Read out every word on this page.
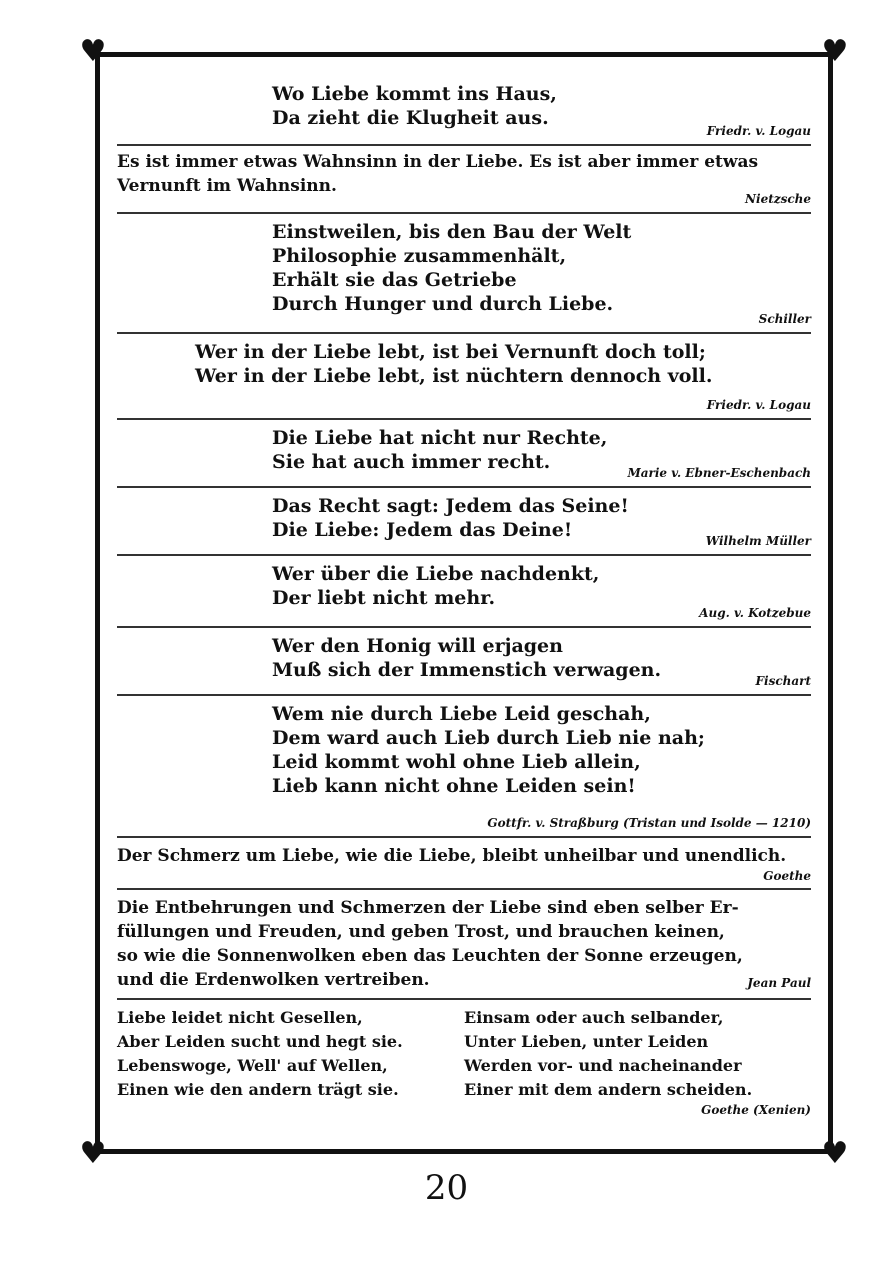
♥	♥
♥	♥
Wo Liebe kommt ins Haus,
Da zieht die Klugheit aus.
Friedr. v. Logau
Es ist immer etwas Wahnsinn in der Liebe. Es ist aber immer etwas
Vernunft im Wahnsinn.
Nietzsche
Einstweilen, bis den Bau der Welt
Philosophie zusammenhält,
Erhält sie das Getriebe
Durch Hunger und durch Liebe.
Schiller
Wer in der Liebe lebt, ist bei Vernunft doch toll;
Wer in der Liebe lebt, ist nüchtern dennoch voll.
Friedr. v. Logau
Die Liebe hat nicht nur Rechte,
Sie hat auch immer recht.	Marie v. Ebner-Eschenbach
Das Recht sagt: Jedem das Seine!
Die Liebe: Jedem das Deine!	Wilhelm Müller
Wer über die Liebe nachdenkt,
Der liebt nicht mehr.
Aug. v. Kotzebue
Wer den Honig will erjagen
Muß sich der Immenstich verwagen.	Fischart
Wem nie durch Liebe Leid geschah,
Dem ward auch Lieb durch Lieb nie nah;
Leid kommt wohl ohne Lieb allein,
Lieb kann nicht ohne Leiden sein!
Gottfr. v. Straßburg (Tristan und Isolde — 1210)
Der Schmerz um Liebe, wie die Liebe, bleibt unheilbar und unendlich.
Goethe
Die Entbehrungen und Schmerzen der Liebe sind eben selber Er-
füllungen und Freuden, und geben Trost, und brauchen keinen,
so wie die Sonnenwolken eben das Leuchten der Sonne erzeugen,
und die Erdenwolken vertreiben.	Jean Paul
Liebe leidet nicht Gesellen,
Aber Leiden sucht und hegt sie.
Lebenswoge, Well' auf Wellen,
Einen wie den andern trägt sie.
Einsam oder auch selbander,
Unter Lieben, unter Leiden
Werden vor- und nacheinander
Einer mit dem andern scheiden.
Goethe (Xenien)
20
